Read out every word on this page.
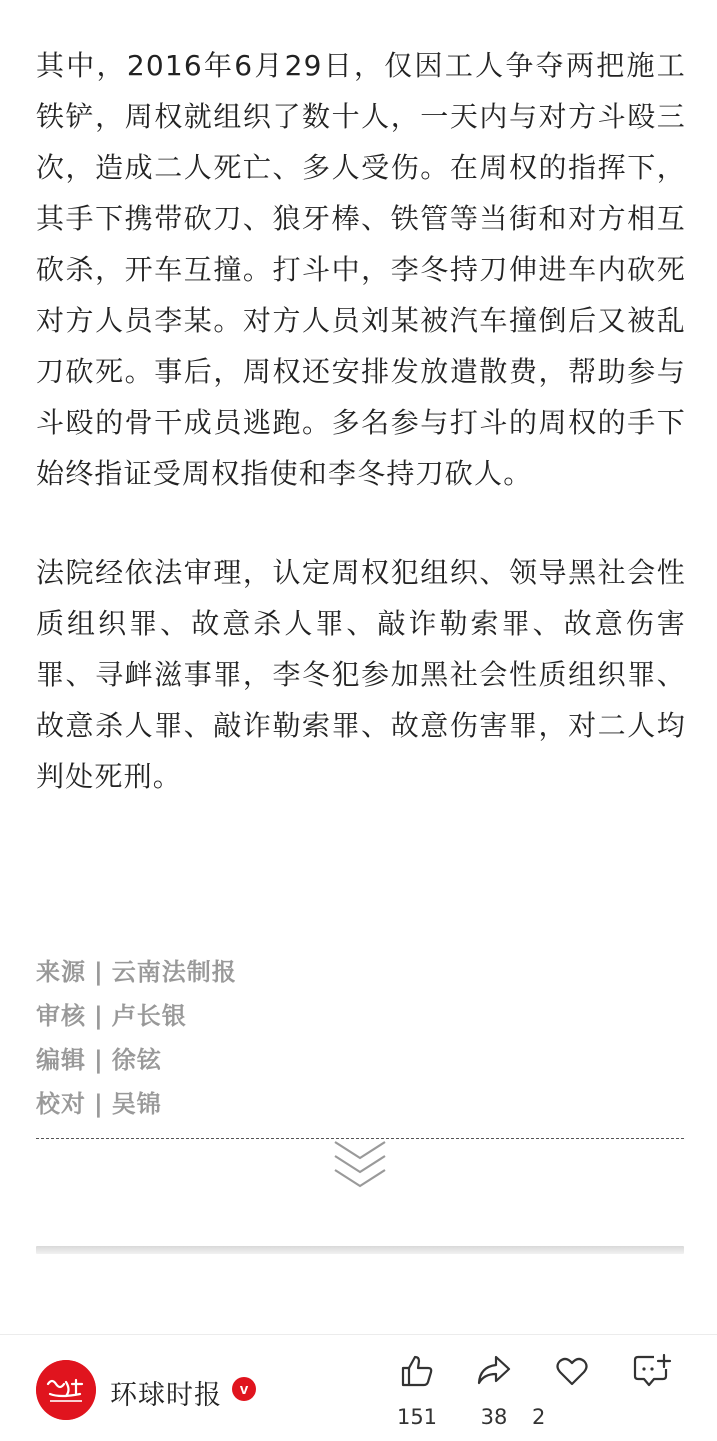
其中，2016年6月29日，仅因工人争夺两把施工铁铲，周权就组织了数十人，一天内与对方斗殴三次，造成二人死亡、多人受伤。在周权的指挥下，其手下携带砍刀、狼牙棒、铁管等当街和对方相互砍杀，开车互撞。打斗中，李冬持刀伸进车内砍死对方人员李某。对方人员刘某被汽车撞倒后又被乱刀砍死。事后，周权还安排发放遣散费，帮助参与斗殴的骨干成员逃跑。多名参与打斗的周权的手下始终指证受周权指使和李冬持刀砍人。

法院经依法审理，认定周权犯组织、领导黑社会性质组织罪、故意杀人罪、敲诈勒索罪、故意伤害罪、寻衅滋事罪，李冬犯参加黑社会性质组织罪、故意杀人罪、敲诈勒索罪、故意伤害罪，对二人均判处死刑。

来源 | 云南法制报
审核 | 卢长银
编辑 | 徐铉
校对 | 吴锦
环球时报	v
151	38	2
